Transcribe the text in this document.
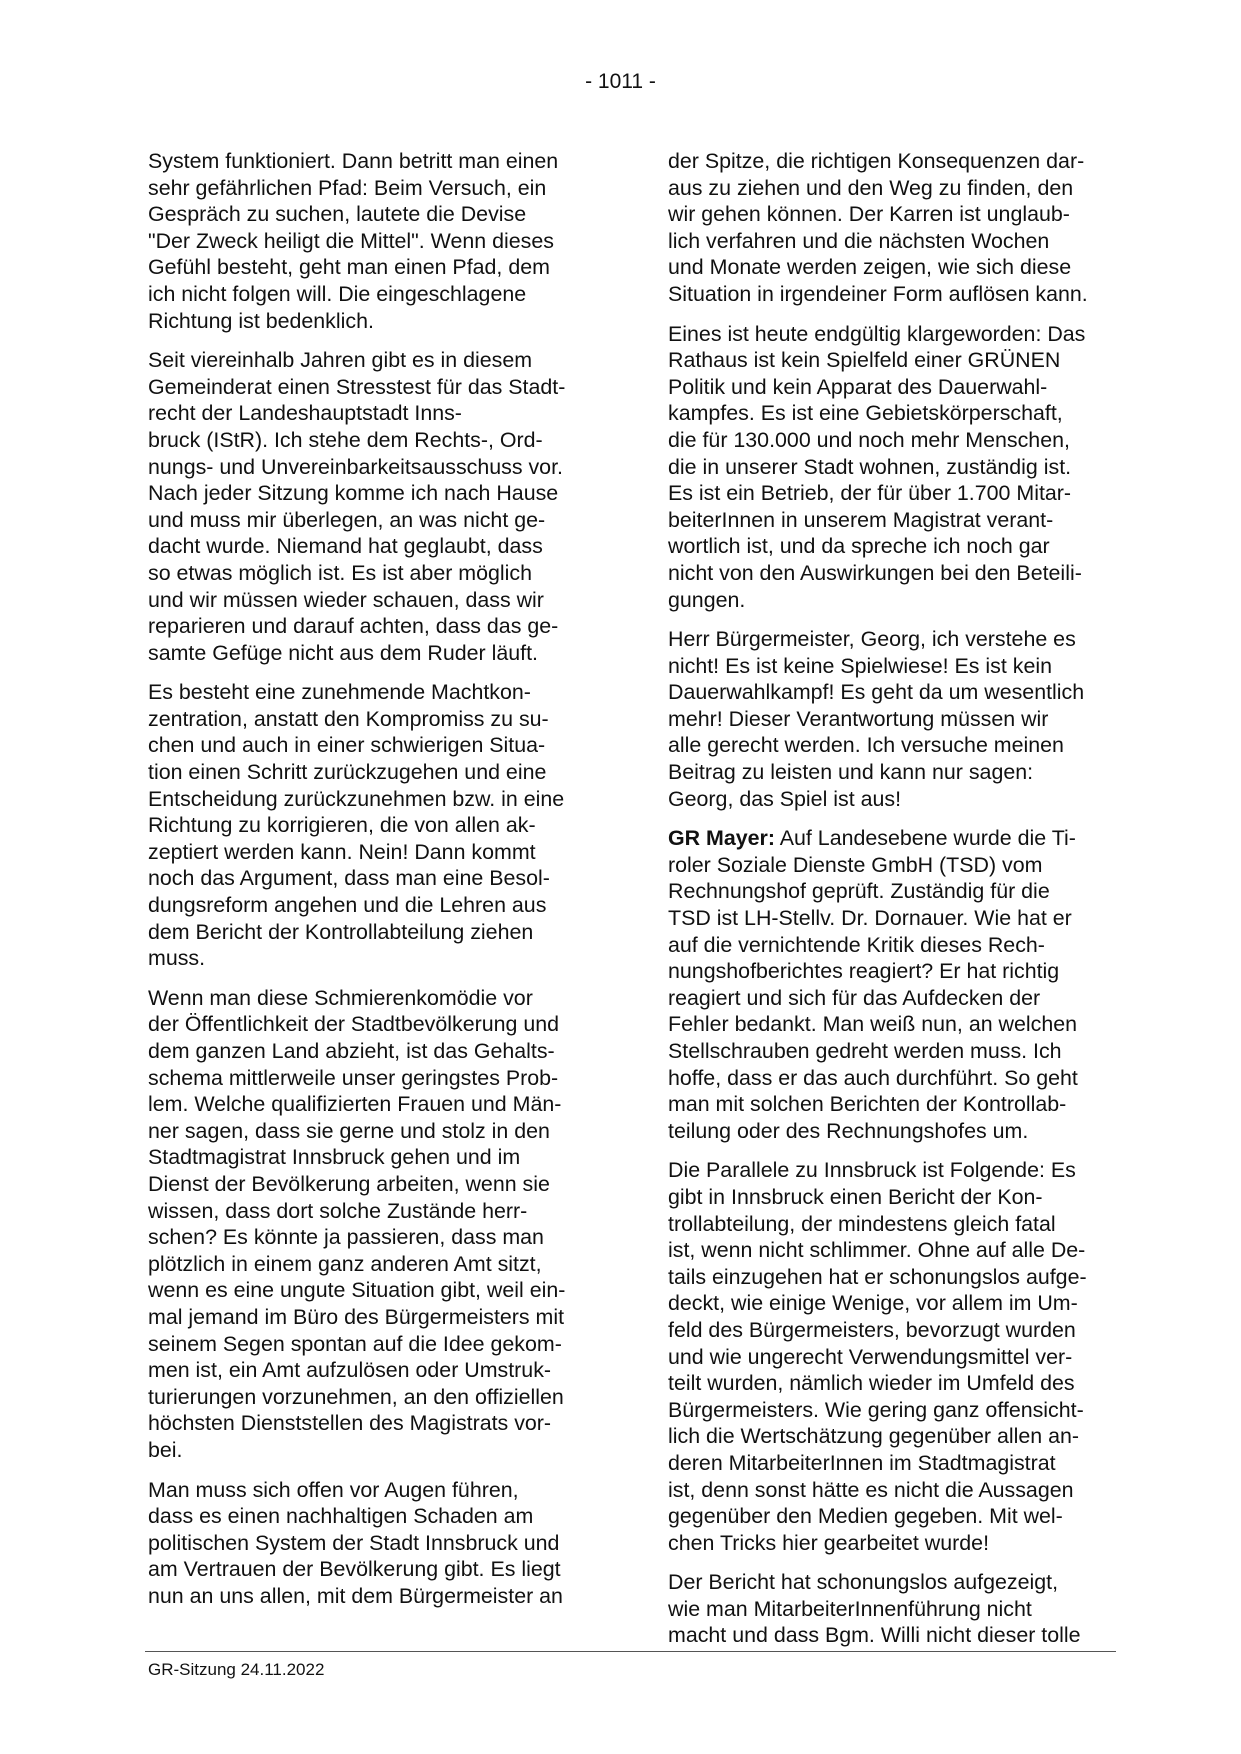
- 1011 -

System funktioniert. Dann betritt man einen
sehr gefährlichen Pfad: Beim Versuch, ein
Gespräch zu suchen, lautete die Devise
"Der Zweck heiligt die Mittel". Wenn dieses
Gefühl besteht, geht man einen Pfad, dem
ich nicht folgen will. Die eingeschlagene
Richtung ist bedenklich.

Seit viereinhalb Jahren gibt es in diesem
Gemeinderat einen Stresstest für das Stadt-
recht der Landeshauptstadt Inns-
bruck (IStR). Ich stehe dem Rechts-, Ord-
nungs- und Unvereinbarkeitsausschuss vor.
Nach jeder Sitzung komme ich nach Hause
und muss mir überlegen, an was nicht ge-
dacht wurde. Niemand hat geglaubt, dass
so etwas möglich ist. Es ist aber möglich
und wir müssen wieder schauen, dass wir
reparieren und darauf achten, dass das ge-
samte Gefüge nicht aus dem Ruder läuft.

Es besteht eine zunehmende Machtkon-
zentration, anstatt den Kompromiss zu su-
chen und auch in einer schwierigen Situa-
tion einen Schritt zurückzugehen und eine
Entscheidung zurückzunehmen bzw. in eine
Richtung zu korrigieren, die von allen ak-
zeptiert werden kann. Nein! Dann kommt
noch das Argument, dass man eine Besol-
dungsreform angehen und die Lehren aus
dem Bericht der Kontrollabteilung ziehen
muss.

Wenn man diese Schmierenkomödie vor
der Öffentlichkeit der Stadtbevölkerung und
dem ganzen Land abzieht, ist das Gehalts-
schema mittlerweile unser geringstes Prob-
lem. Welche qualifizierten Frauen und Män-
ner sagen, dass sie gerne und stolz in den
Stadtmagistrat Innsbruck gehen und im
Dienst der Bevölkerung arbeiten, wenn sie
wissen, dass dort solche Zustände herr-
schen? Es könnte ja passieren, dass man
plötzlich in einem ganz anderen Amt sitzt,
wenn es eine ungute Situation gibt, weil ein-
mal jemand im Büro des Bürgermeisters mit
seinem Segen spontan auf die Idee gekom-
men ist, ein Amt aufzulösen oder Umstruk-
turierungen vorzunehmen, an den offiziellen
höchsten Dienststellen des Magistrats vor-
bei.

Man muss sich offen vor Augen führen,
dass es einen nachhaltigen Schaden am
politischen System der Stadt Innsbruck und
am Vertrauen der Bevölkerung gibt. Es liegt
nun an uns allen, mit dem Bürgermeister an

der Spitze, die richtigen Konsequenzen dar-
aus zu ziehen und den Weg zu finden, den
wir gehen können. Der Karren ist unglaub-
lich verfahren und die nächsten Wochen
und Monate werden zeigen, wie sich diese
Situation in irgendeiner Form auflösen kann.

Eines ist heute endgültig klargeworden: Das
Rathaus ist kein Spielfeld einer GRÜNEN
Politik und kein Apparat des Dauerwahl-
kampfes. Es ist eine Gebietskörperschaft,
die für 130.000 und noch mehr Menschen,
die in unserer Stadt wohnen, zuständig ist.
Es ist ein Betrieb, der für über 1.700 Mitar-
beiterInnen in unserem Magistrat verant-
wortlich ist, und da spreche ich noch gar
nicht von den Auswirkungen bei den Beteili-
gungen.

Herr Bürgermeister, Georg, ich verstehe es
nicht! Es ist keine Spielwiese! Es ist kein
Dauerwahlkampf! Es geht da um wesentlich
mehr! Dieser Verantwortung müssen wir
alle gerecht werden. Ich versuche meinen
Beitrag zu leisten und kann nur sagen:
Georg, das Spiel ist aus!

GR Mayer: Auf Landesebene wurde die Ti-
roler Soziale Dienste GmbH (TSD) vom
Rechnungshof geprüft. Zuständig für die
TSD ist LH-Stellv. Dr. Dornauer. Wie hat er
auf die vernichtende Kritik dieses Rech-
nungshofberichtes reagiert? Er hat richtig
reagiert und sich für das Aufdecken der
Fehler bedankt. Man weiß nun, an welchen
Stellschrauben gedreht werden muss. Ich
hoffe, dass er das auch durchführt. So geht
man mit solchen Berichten der Kontrollab-
teilung oder des Rechnungshofes um.

Die Parallele zu Innsbruck ist Folgende: Es
gibt in Innsbruck einen Bericht der Kon-
trollabteilung, der mindestens gleich fatal
ist, wenn nicht schlimmer. Ohne auf alle De-
tails einzugehen hat er schonungslos aufge-
deckt, wie einige Wenige, vor allem im Um-
feld des Bürgermeisters, bevorzugt wurden
und wie ungerecht Verwendungsmittel ver-
teilt wurden, nämlich wieder im Umfeld des
Bürgermeisters. Wie gering ganz offensicht-
lich die Wertschätzung gegenüber allen an-
deren MitarbeiterInnen im Stadtmagistrat
ist, denn sonst hätte es nicht die Aussagen
gegenüber den Medien gegeben. Mit wel-
chen Tricks hier gearbeitet wurde!

Der Bericht hat schonungslos aufgezeigt,
wie man MitarbeiterInnenführung nicht
macht und dass Bgm. Willi nicht dieser tolle

GR-Sitzung 24.11.2022
